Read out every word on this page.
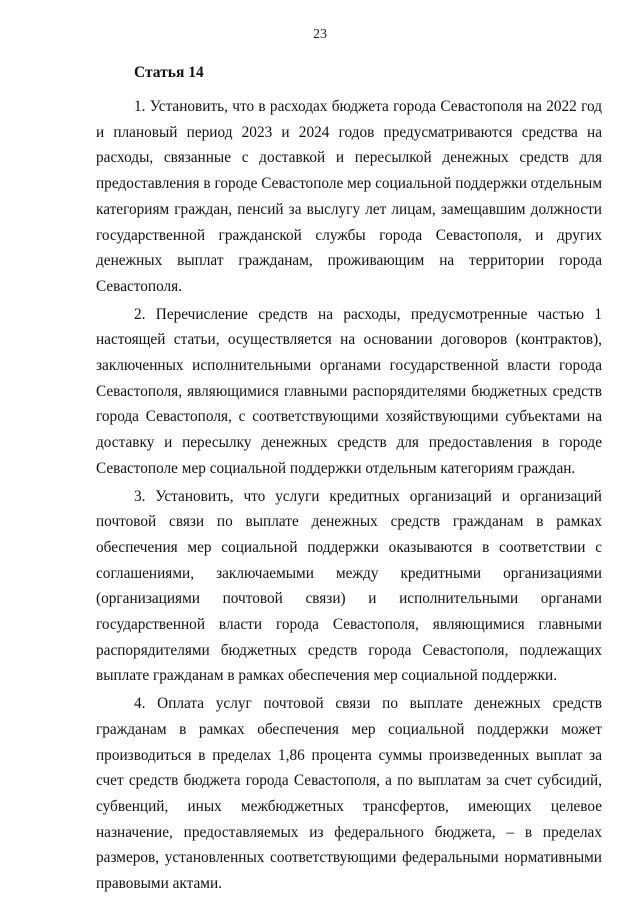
23
Статья 14

1. Установить, что в расходах бюджета города Севастополя на 2022 год и плановый период 2023 и 2024 годов предусматриваются средства на расходы, связанные с доставкой и пересылкой денежных средств для предоставления в городе Севастополе мер социальной поддержки отдельным категориям граждан, пенсий за выслугу лет лицам, замещавшим должности государственной гражданской службы города Севастополя, и других денежных выплат гражданам, проживающим на территории города Севастополя.

2. Перечисление средств на расходы, предусмотренные частью 1 настоящей статьи, осуществляется на основании договоров (контрактов), заключенных исполнительными органами государственной власти города Севастополя, являющимися главными распорядителями бюджетных средств города Севастополя, с соответствующими хозяйствующими субъектами на доставку и пересылку денежных средств для предоставления в городе Севастополе мер социальной поддержки отдельным категориям граждан.

3. Установить, что услуги кредитных организаций и организаций почтовой связи по выплате денежных средств гражданам в рамках обеспечения мер социальной поддержки оказываются в соответствии с соглашениями, заключаемыми между кредитными организациями (организациями почтовой связи) и исполнительными органами государственной власти города Севастополя, являющимися главными распорядителями бюджетных средств города Севастополя, подлежащих выплате гражданам в рамках обеспечения мер социальной поддержки.

4. Оплата услуг почтовой связи по выплате денежных средств гражданам в рамках обеспечения мер социальной поддержки может производиться в пределах 1,86 процента суммы произведенных выплат за счет средств бюджета города Севастополя, а по выплатам за счет субсидий, субвенций, иных межбюджетных трансфертов, имеющих целевое назначение, предоставляемых из федерального бюджета, – в пределах размеров, установленных соответствующими федеральными нормативными правовыми актами.
